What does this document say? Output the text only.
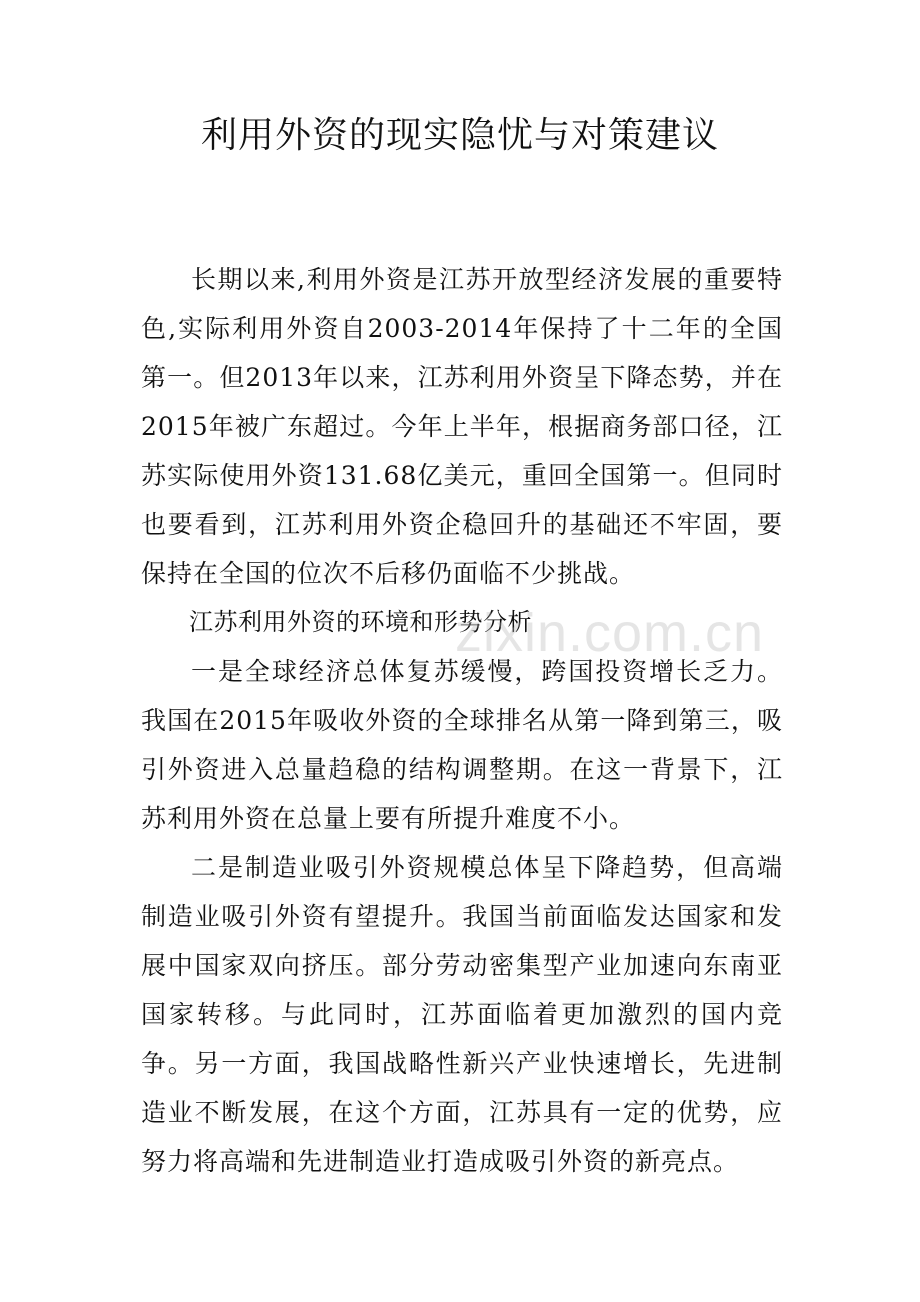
利用外资的现实隐忧与对策建议

长期以来,利用外资是江苏开放型经济发展的重要特色,实际利用外资自2003-2014年保持了十二年的全国第一。但2013年以来，江苏利用外资呈下降态势，并在2015年被广东超过。今年上半年，根据商务部口径，江苏实际使用外资131.68亿美元，重回全国第一。但同时也要看到，江苏利用外资企稳回升的基础还不牢固，要保持在全国的位次不后移仍面临不少挑战。

江苏利用外资的环境和形势分析

一是全球经济总体复苏缓慢，跨国投资增长乏力。我国在2015年吸收外资的全球排名从第一降到第三，吸引外资进入总量趋稳的结构调整期。在这一背景下，江苏利用外资在总量上要有所提升难度不小。

二是制造业吸引外资规模总体呈下降趋势，但高端制造业吸引外资有望提升。我国当前面临发达国家和发展中国家双向挤压。部分劳动密集型产业加速向东南亚国家转移。与此同时，江苏面临着更加激烈的国内竞争。另一方面，我国战略性新兴产业快速增长，先进制造业不断发展，在这个方面，江苏具有一定的优势，应努力将高端和先进制造业打造成吸引外资的新亮点。

zixin.com.cn
